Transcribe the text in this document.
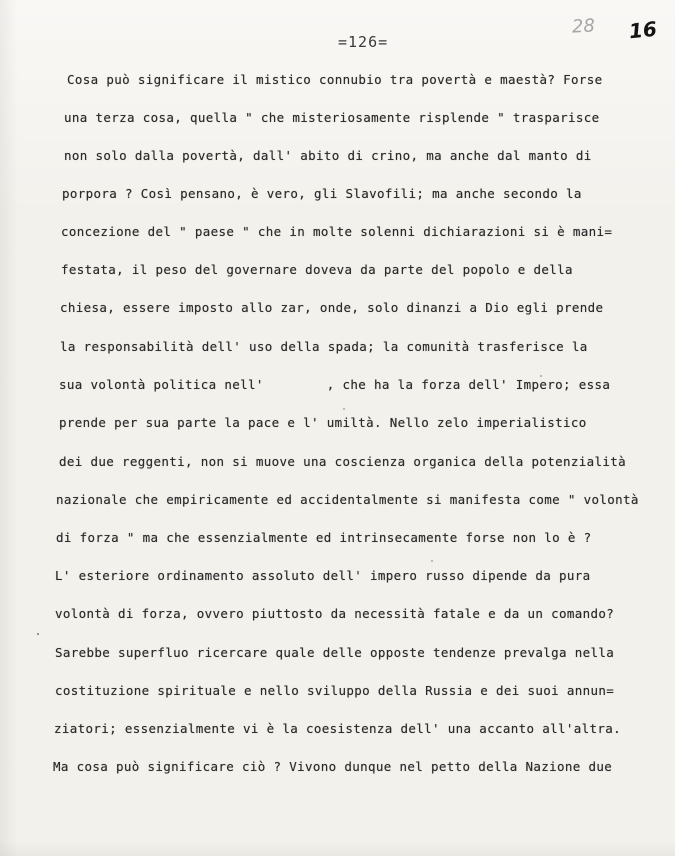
=126=
28 16
Cosa può significare il mistico connubio tra povertà e maestà? Forse
una terza cosa, quella " che misteriosamente risplende " trasparisce
non solo dalla povertà, dall' abito di crino, ma anche dal manto di
porpora ? Così pensano, è vero, gli Slavofili; ma anche secondo la
concezione del " paese " che in molte solenni dichiarazioni si è mani=
festata, il peso del governare doveva da parte del popolo e della
chiesa, essere imposto allo zar, onde, solo dinanzi a Dio egli prende
la responsabilità dell' uso della spada; la comunità trasferisce la
sua volontà politica nell'        , che ha la forza dell' Impero; essa
prende per sua parte la pace e l' umiltà. Nello zelo imperialistico
dei due reggenti, non si muove una coscienza organica della potenzialità
nazionale che empiricamente ed accidentalmente si manifesta come " volontà
di forza " ma che essenzialmente ed intrinsecamente forse non lo è ?
L' esteriore ordinamento assoluto dell' impero russo dipende da pura
volontà di forza, ovvero piuttosto da necessità fatale e da un comando?
Sarebbe superfluo ricercare quale delle opposte tendenze prevalga nella
costituzione spirituale e nello sviluppo della Russia e dei suoi annun=
ziatori; essenzialmente vi è la coesistenza dell' una accanto all'altra.
Ma cosa può significare ciò ? Vivono dunque nel petto della Nazione due
